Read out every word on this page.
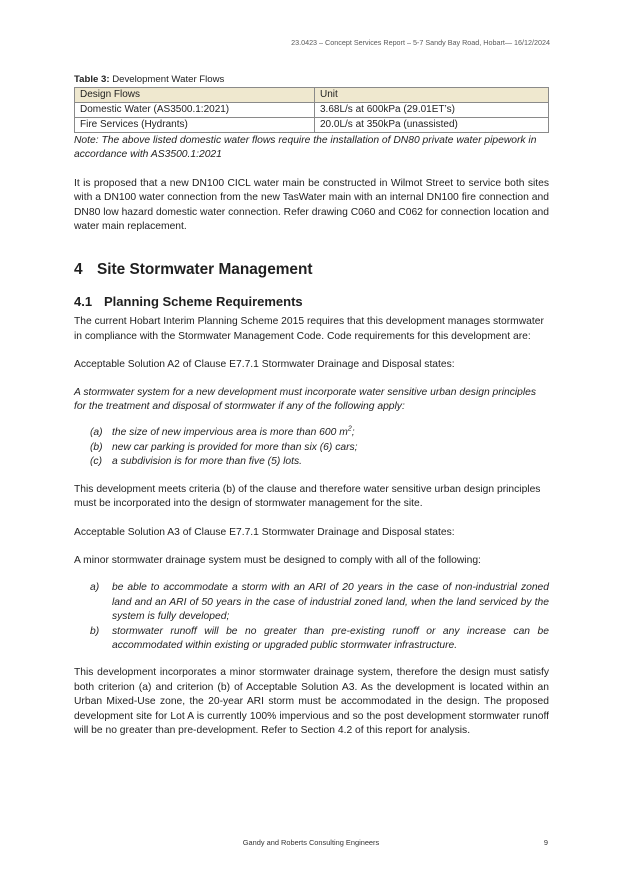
23.0423 – Concept Services Report – 5-7 Sandy Bay Road, Hobart— 16/12/2024
Table 3: Development Water Flows
Design Flows	Unit
Domestic Water (AS3500.1:2021)	3.68L/s at 600kPa (29.01ET’s)
Fire Services (Hydrants)	20.0L/s at 350kPa (unassisted)

Note: The above listed domestic water flows require the installation of DN80 private water pipework in accordance with AS3500.1:2021

It is proposed that a new DN100 CICL water main be constructed in Wilmot Street to service both sites with a DN100 water connection from the new TasWater main with an internal DN100 fire connection and DN80 low hazard domestic water connection. Refer drawing C060 and C062 for connection location and water main replacement.

4 Site Stormwater Management
4.1 Planning Scheme Requirements

The current Hobart Interim Planning Scheme 2015 requires that this development manages stormwater in compliance with the Stormwater Management Code. Code requirements for this development are:

Acceptable Solution A2 of Clause E7.7.1 Stormwater Drainage and Disposal states:

A stormwater system for a new development must incorporate water sensitive urban design principles for the treatment and disposal of stormwater if any of the following apply:

(a) the size of new impervious area is more than 600 $m^2$;
(b) new car parking is provided for more than six (6) cars;
(c) a subdivision is for more than five (5) lots.

This development meets criteria (b) of the clause and therefore water sensitive urban design principles must be incorporated into the design of stormwater management for the site.

Acceptable Solution A3 of Clause E7.7.1 Stormwater Drainage and Disposal states:

A minor stormwater drainage system must be designed to comply with all of the following:

a) be able to accommodate a storm with an ARI of 20 years in the case of non-industrial zoned land and an ARI of 50 years in the case of industrial zoned land, when the land serviced by the system is fully developed;
b) stormwater runoff will be no greater than pre-existing runoff or any increase can be accommodated within existing or upgraded public stormwater infrastructure.

This development incorporates a minor stormwater drainage system, therefore the design must satisfy both criterion (a) and criterion (b) of Acceptable Solution A3. As the development is located within an Urban Mixed-Use zone, the 20-year ARI storm must be accommodated in the design. The proposed development site for Lot A is currently 100% impervious and so the post development stormwater runoff will be no greater than pre-development. Refer to Section 4.2 of this report for analysis.

Gandy and Roberts Consulting Engineers	9
